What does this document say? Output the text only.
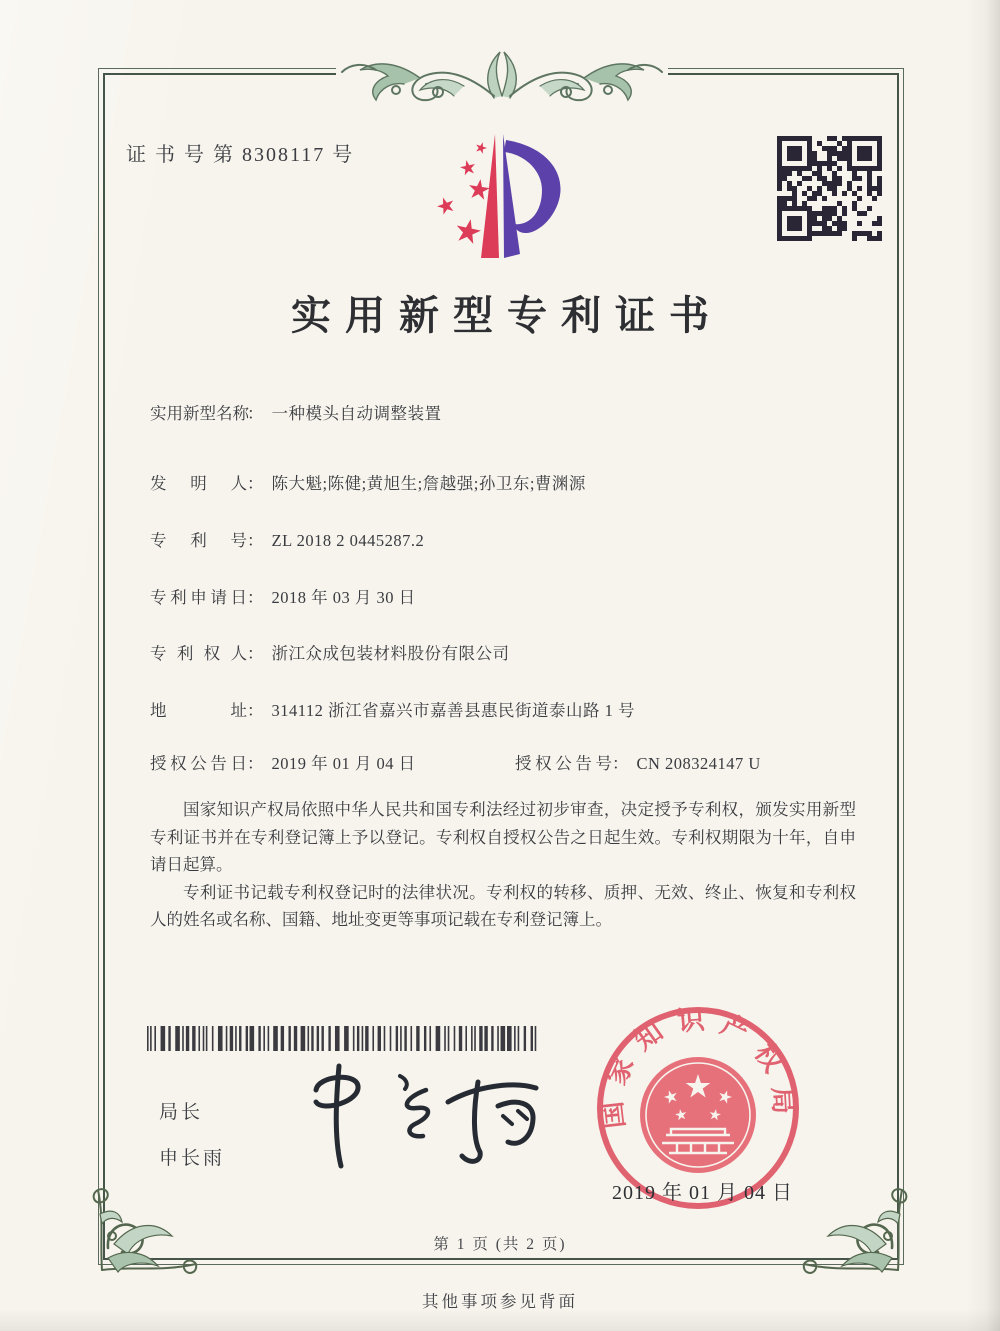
证 书 号 第 8308117 号
实用新型专利证书
实用新型名称： 一种模头自动调整装置
发明人： 陈大魁;陈健;黄旭生;詹越强;孙卫东;曹渊源
专利号： ZL 2018 2 0445287.2
专利申请日： 2018 年 03 月 30 日
专利权人： 浙江众成包装材料股份有限公司
地址： 314112 浙江省嘉兴市嘉善县惠民街道泰山路 1 号
授权公告日： 2019 年 01 月 04 日	授权公告号： CN 208324147 U

国家知识产权局依照中华人民共和国专利法经过初步审查，决定授予专利权，颁发实用新型专利证书并在专利登记簿上予以登记。专利权自授权公告之日起生效。专利权期限为十年，自申请日起算。

专利证书记载专利权登记时的法律状况。专利权的转移、质押、无效、终止、恢复和专利权人的姓名或名称、国籍、地址变更等事项记载在专利登记簿上。

局长
申长雨
国家知识产权局
2019 年 01 月 04 日
第 1 页 (共 2 页)
其他事项参见背面
